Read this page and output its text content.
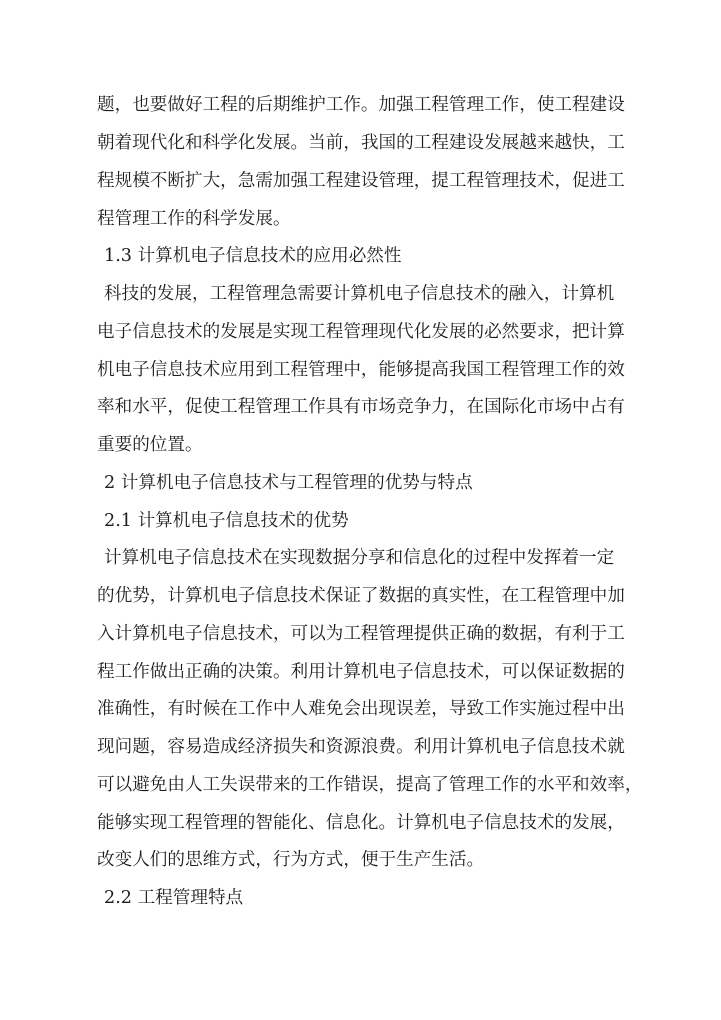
题，也要做好工程的后期维护工作。加强工程管理工作，使工程建设
朝着现代化和科学化发展。当前，我国的工程建设发展越来越快，工
程规模不断扩大，急需加强工程建设管理，提工程管理技术，促进工
程管理工作的科学发展。
1.3 计算机电子信息技术的应用必然性
科技的发展，工程管理急需要计算机电子信息技术的融入，计算机
电子信息技术的发展是实现工程管理现代化发展的必然要求，把计算
机电子信息技术应用到工程管理中，能够提高我国工程管理工作的效
率和水平，促使工程管理工作具有市场竞争力，在国际化市场中占有
重要的位置。
2 计算机电子信息技术与工程管理的优势与特点
2.1 计算机电子信息技术的优势
计算机电子信息技术在实现数据分享和信息化的过程中发挥着一定
的优势，计算机电子信息技术保证了数据的真实性，在工程管理中加
入计算机电子信息技术，可以为工程管理提供正确的数据，有利于工
程工作做出正确的决策。利用计算机电子信息技术，可以保证数据的
准确性，有时候在工作中人难免会出现误差，导致工作实施过程中出
现问题，容易造成经济损失和资源浪费。利用计算机电子信息技术就
可以避免由人工失误带来的工作错误，提高了管理工作的水平和效率，
能够实现工程管理的智能化、信息化。计算机电子信息技术的发展，
改变人们的思维方式，行为方式，便于生产生活。
2.2 工程管理特点
